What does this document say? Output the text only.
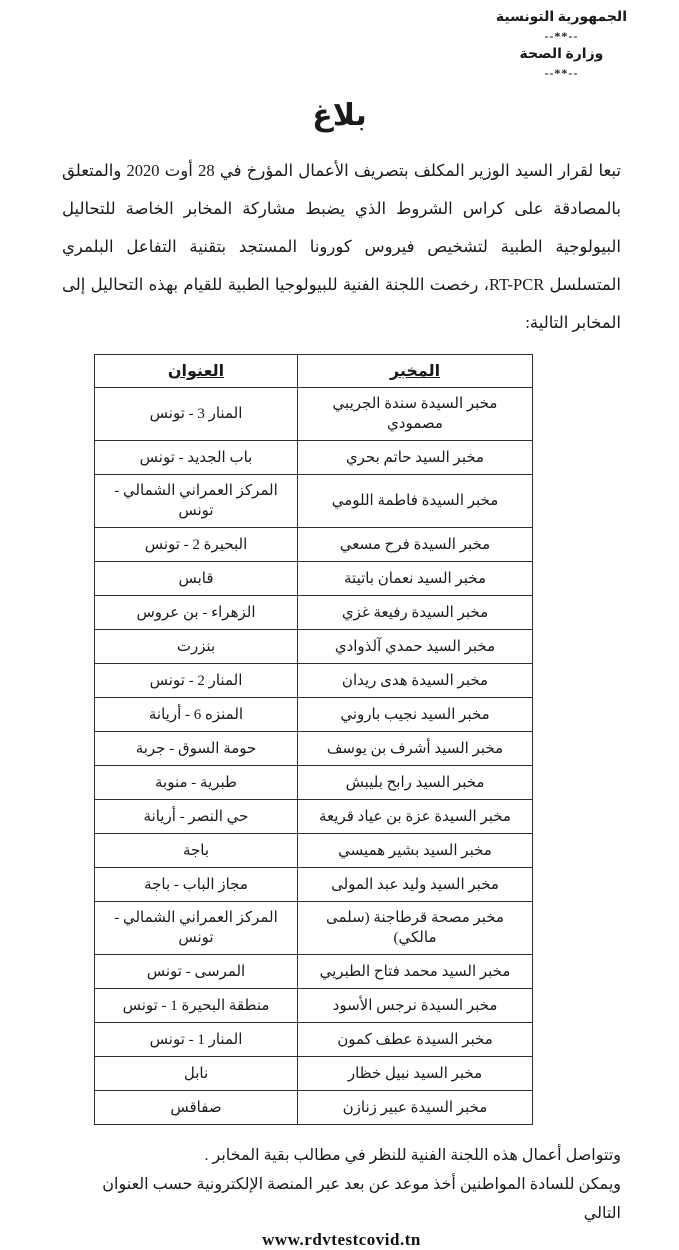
الجمهورية التونسية
--**--
وزارة الصحة
--**--
بلاغ

تبعا لقرار السيد الوزير المكلف بتصريف الأعمال المؤرخ في 28 أوت 2020 والمتعلق بالمصادقة على كراس الشروط الذي يضبط مشاركة المخابر الخاصة للتحاليل البيولوجية الطبية لتشخيص فيروس كورونا المستجد بتقنية التفاعل البلمري المتسلسل RT-PCR، رخصت اللجنة الفنية للبيولوجيا الطبية للقيام بهذه التحاليل إلى المخابر التالية:

المخبر	العنوان
مخبر السيدة سندة الجريبي مصمودي	المنار 3 - تونس
مخبر السيد حاتم بحري	باب الجديد - تونس
مخبر السيدة فاطمة اللومي	المركز العمراني الشمالي - تونس
مخبر السيدة فرح مسعي	البحيرة 2 - تونس
مخبر السيد نعمان باتيتة	قابس
مخبر السيدة رفيعة غزي	الزهراء - بن عروس
مخبر السيد حمدي آلذوادي	بنزرت
مخبر السيدة هدى ريدان	المنار 2 - تونس
مخبر السيد نجيب باروني	المنزه 6 - أريانة
مخبر السيد أشرف بن يوسف	حومة السوق - جربة
مخبر السيد رابح بليبش	طبرية - منوبة
مخبر السيدة عزة بن عياد قريعة	حي النصر - أريانة
مخبر السيد بشير هميسي	باجة
مخبر السيد وليد عبد المولى	مجاز الباب - باجة
مخبر مصحة قرطاجنة (سلمى مالكي)	المركز العمراني الشمالي - تونس
مخبر السيد محمد فتاح الطبريي	المرسى - تونس
مخبر السيدة نرجس الأسود	منطقة البحيرة 1 - تونس
مخبر السيدة عطف كمون	المنار 1 - تونس
مخبر السيد نبيل خظار	نابل
مخبر السيدة عبير زنازن	صفاقس

وتتواصل أعمال هذه اللجنة الفنية للنظر في مطالب بقية المخابر .

ويمكن للسادة المواطنين أخذ موعد عن بعد عبر المنصة الإلكترونية حسب العنوان التالي

www.rdvtestcovid.tn
